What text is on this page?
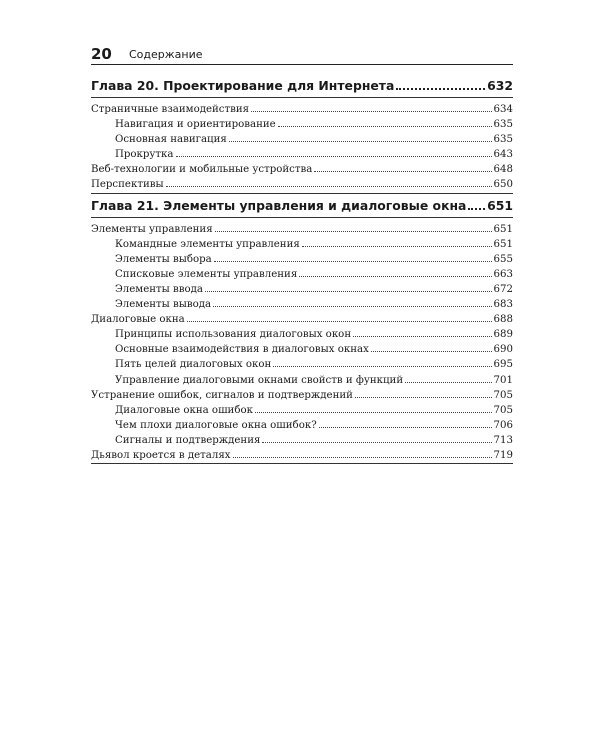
20 Содержание
Глава 20. Проектирование для Интернета	632
Страничные взаимодействия	634
Навигация и ориентирование	635
Основная навигация	635
Прокрутка	643
Веб-технологии и мобильные устройства	648
Перспективы	650
Глава 21. Элементы управления и диалоговые окна 651
Элементы управления	651
Командные элементы управления	651
Элементы выбора	655
Списковые элементы управления	663
Элементы ввода	672
Элементы вывода	683
Диалоговые окна	688
Принципы использования диалоговых окон	689
Основные взаимодействия в диалоговых окнах	690
Пять целей диалоговых окон	695
Управление диалоговыми окнами свойств и функций	701
Устранение ошибок, сигналов и подтверждений	705
Диалоговые окна ошибок	705
Чем плохи диалоговые окна ошибок?	706
Сигналы и подтверждения	713
Дьявол кроется в деталях	719
